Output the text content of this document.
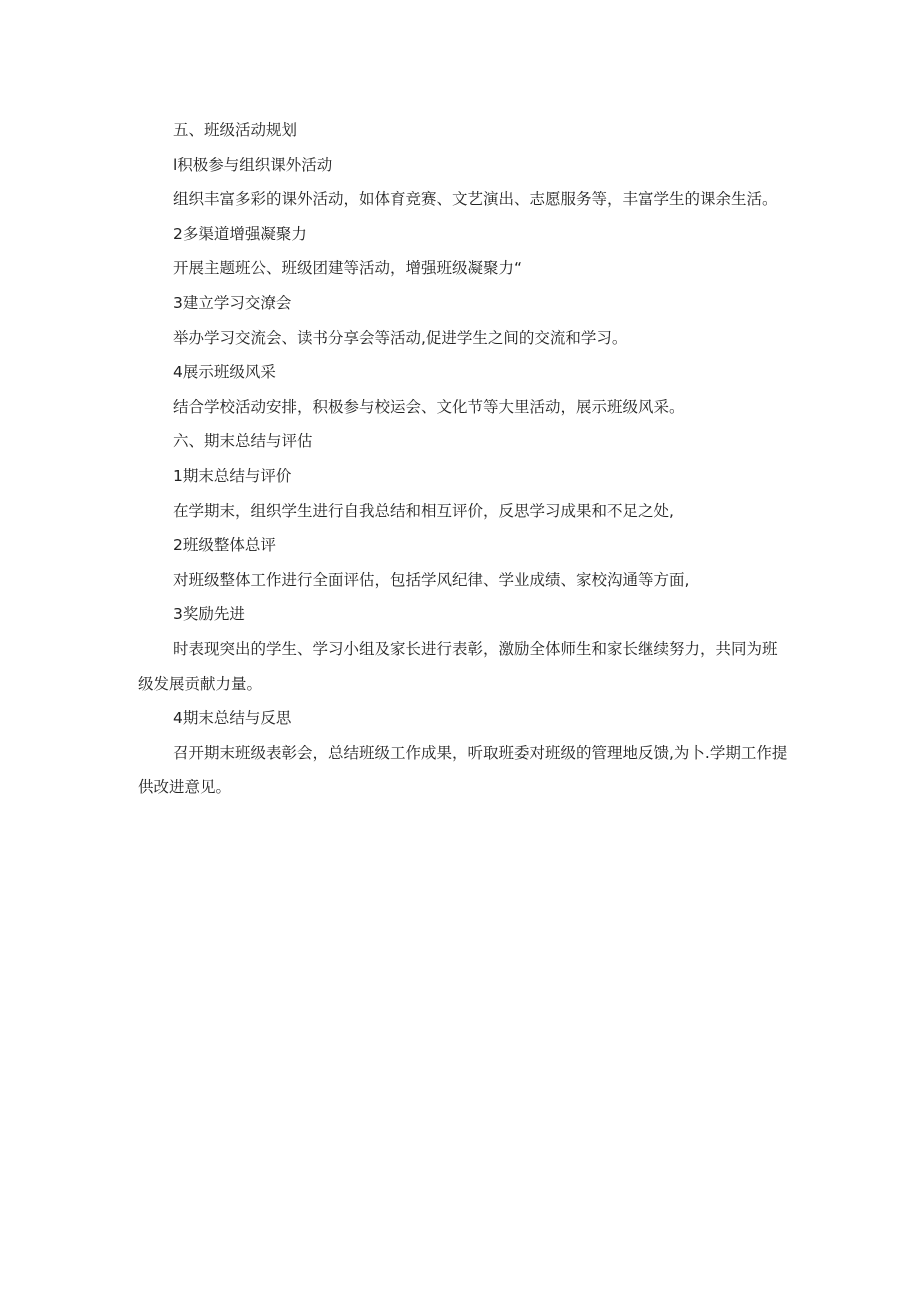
五、班级活动规划

l积极参与组织课外活动

组织丰富多彩的课外活动，如体育竞赛、文艺演出、志愿服务等，丰富学生的课余生活。

2多渠道增强凝聚力

开展主题班公、班级团建等活动，增强班级凝聚力“

3建立学习交潦会

举办学习交流会、读书分享会等活动,促进学生之间的交流和学习。

4展示班级风采

结合学校活动安排，积极参与校运会、文化节等大里活动，展示班级风采。

六、期末总结与评估

1期末总结与评价

在学期末，组织学生进行自我总结和相互评价，反思学习成果和不足之处,

2班级整体总评

对班级整体工作进行全面评估，包括学风纪律、学业成绩、家校沟通等方面,

3奖励先进

时表现突出的学生、学习小组及家长进行表彰，激励全体师生和家长继续努力，共同为班级发展贡献力量。

4期末总结与反思

召开期末班级表彰会，总结班级工作成果，听取班委对班级的管理地反馈,为卜.学期工作提供改进意见。
